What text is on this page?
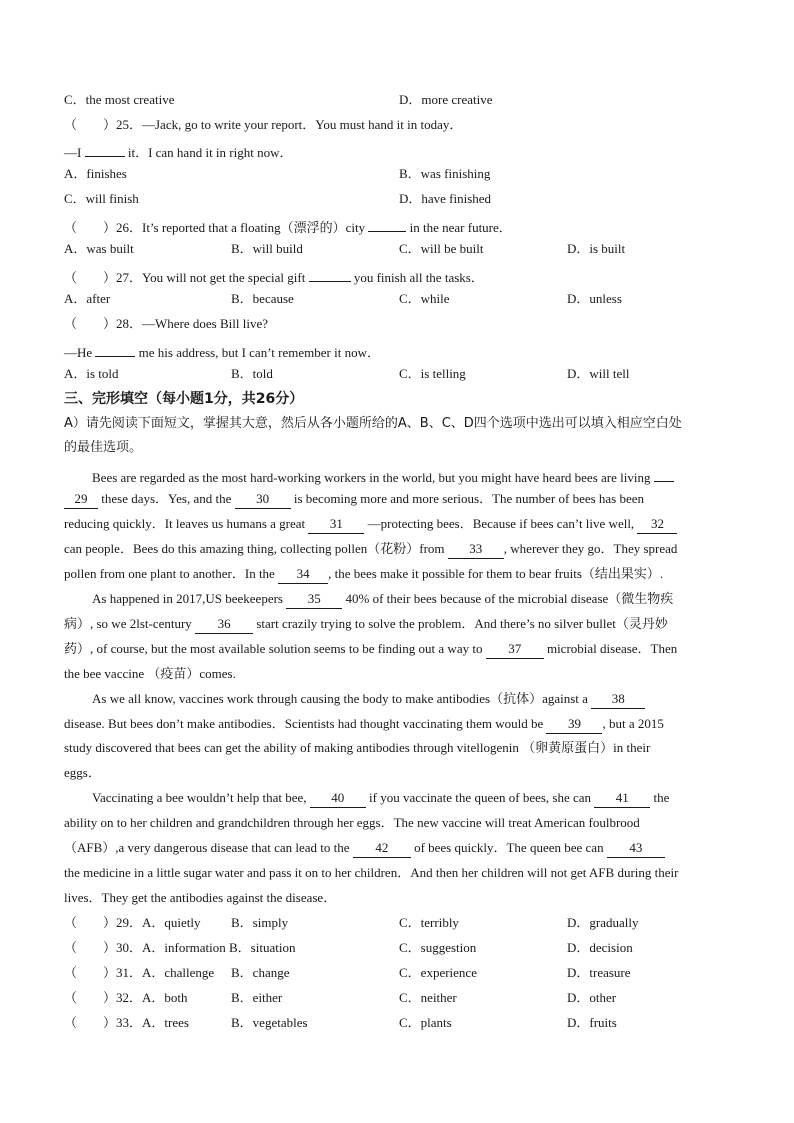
C．the most creative	D．more creative
（　　）25．—Jack, go to write your report．You must hand it in today．
—I	it．I can hand it in right now．
A．finishes	B．was finishing
C．will finish	D．have finished
（　　）26．It’s reported that a floating（漂浮的）city	in the near future．
A．was built	B．will build	C．will be built	D．is built
（　　）27．You will not get the special gift	you finish all the tasks．
A．after	B．because	C．while	D．unless
（　　）28．—Where does Bill live?
—He	me his address, but I can’t remember it now．
A．is told	B．told	C．is telling	D．will tell
三、完形填空（每小题1分，共26分）
A）请先阅读下面短文，掌握其大意，然后从各小题所给的A、B、C、D四个选项中选出可以填入相应空白处
的最佳选项。
Bees are regarded as the most hard-working workers in the world, but you might have heard bees are living
29 these days．Yes, and the 30 is becoming more and more serious．The number of bees has been
reducing quickly．It leaves us humans a great 31 —protecting bees．Because if bees can’t live well, 32
can people．Bees do this amazing thing, collecting pollen（花粉）from 33 , wherever they go．They spread
pollen from one plant to another．In the 34 , the bees make it possible for them to bear fruits（结出果实）.
As happened in 2017,US beekeepers 35 40% of their bees because of the microbial disease（微生物疾
病）, so we 2lst-century 36 start crazily trying to solve the problem．And there’s no silver bullet（灵丹妙
药）, of course, but the most available solution seems to be finding out a way to 37 microbial disease．Then
the bee vaccine （疫苗）comes.
As we all know, vaccines work through causing the body to make antibodies（抗体）against a 38
disease. But bees don’t make antibodies．Scientists had thought vaccinating them would be 39 , but a 2015
study discovered that bees can get the ability of making antibodies through vitellogenin （卵黄原蛋白）in their
eggs．
Vaccinating a bee wouldn’t help that bee, 40 if you vaccinate the queen of bees, she can 41 the
ability on to her children and grandchildren through her eggs．The new vaccine will treat American foulbrood
（AFB）,a very dangerous disease that can lead to the 42 of bees quickly．The queen bee can 43
the medicine in a little sugar water and pass it on to her children．And then her children will not get AFB during their
lives．They get the antibodies against the disease．
（　　）29．A．quietly B．simply	C．terribly	D．gradually
（　　）30．A．information B．situation	C．suggestion	D．decision
（　　）31．A．challenge B．change	C．experience	D．treasure
（　　）32．A．both	B．either	C．neither	D．other
（　　）33．A．trees	B．vegetables	C．plants	D．fruits
